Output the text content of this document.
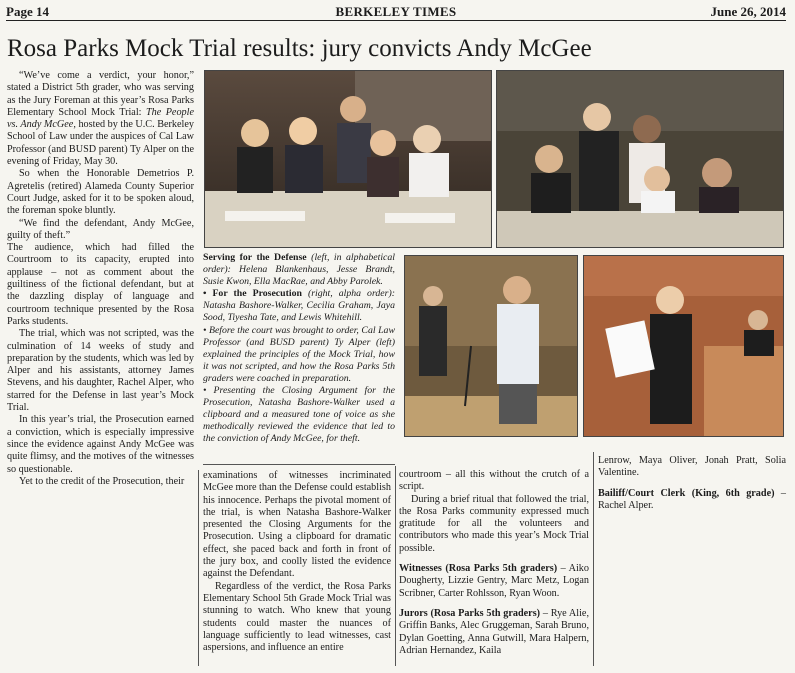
Page 14	BERKELEY TIMES	June 26, 2014
Rosa Parks Mock Trial results: jury convicts Andy McGee

“We’ve come a verdict, your honor,” stated a District 5th grader, who was serving as the Jury Foreman at this year’s Rosa Parks Elementary School Mock Trial: The People vs. Andy McGee, hosted by the U.C. Berkeley School of Law under the auspices of Cal Law Professor (and BUSD parent) Ty Alper on the evening of Friday, May 30.

So when the Honorable Demetrios P. Agretelis (retired) Alameda County Superior Court Judge, asked for it to be spoken aloud, the foreman spoke bluntly.

“We find the defendant, Andy McGee, guilty of theft.”

The audience, which had filled the Courtroom to its capacity, erupted into applause – not as comment about the guiltiness of the fictional defendant, but at the dazzling display of language and courtroom technique presented by the Rosa Parks students.

The trial, which was not scripted, was the culmination of 14 weeks of study and preparation by the students, which was led by Alper and his assistants, attorney James Stevens, and his daughter, Rachel Alper, who starred for the Defense in last year’s Mock Trial.

In this year’s trial, the Prosecution earned a conviction, which is especially impressive since the evidence against Andy McGee was quite flimsy, and the motives of the witnesses so questionable.

Yet to the credit of the Prosecution, their

Serving for the Defense (left, in alphabetical order): Helena Blankenhaus, Jesse Brandt, Susie Kwon, Ella MacRae, and Abby Parolek.

• For the Prosecution (right, alpha order): Natasha Bashore-Walker, Cecilia Graham, Jaya Sood, Tiyesha Tate, and Lewis Whitehill.

• Before the court was brought to order, Cal Law Professor (and BUSD parent) Ty Alper (left) explained the principles of the Mock Trial, how it was not scripted, and how the Rosa Parks 5th graders were coached in preparation.

• Presenting the Closing Argument for the Prosecution, Natasha Bashore-Walker used a clipboard and a measured tone of voice as she methodically reviewed the evidence that led to the conviction of Andy McGee, for theft.

examinations of witnesses incriminated McGee more than the Defense could establish his innocence. Perhaps the pivotal moment of the trial, is when Natasha Bashore-Walker presented the Closing Arguments for the Prosecution. Using a clipboard for dramatic effect, she paced back and forth in front of the jury box, and coolly listed the evidence against the Defendant.

Regardless of the verdict, the Rosa Parks Elementary School 5th Grade Mock Trial was stunning to watch. Who knew that young students could master the nuances of language sufficiently to lead witnesses, cast aspersions, and influence an entire

courtroom – all this without the crutch of a script.

During a brief ritual that followed the trial, the Rosa Parks community expressed much gratitude for all the volunteers and contributors who made this year’s Mock Trial possible.

Witnesses (Rosa Parks 5th graders) – Aiko Dougherty, Lizzie Gentry, Marc Metz, Logan Scribner, Carter Rohlsson, Ryan Woon.

Jurors (Rosa Parks 5th graders) – Rye Alie, Griffin Banks, Alec Gruggeman, Sarah Bruno, Dylan Goetting, Anna Gutwill, Mara Halpern, Adrian Hernandez, Kaila

Lenrow, Maya Oliver, Jonah Pratt, Solia Valentine.

Bailiff/Court Clerk (King, 6th grade) – Rachel Alper.
